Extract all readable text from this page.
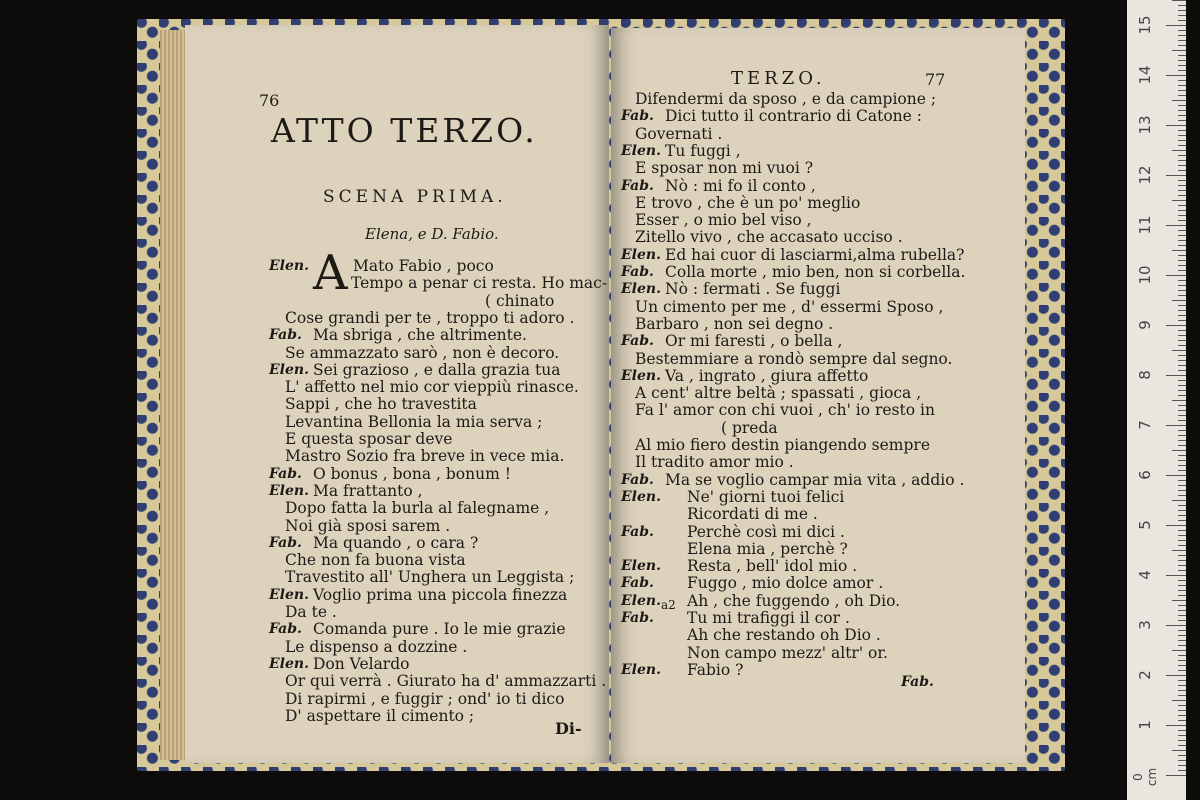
76
ATTO TERZO.
SCENA PRIMA.
Elena, e D. Fabio.
A
Elen.	Mato Fabio , poco
Tempo a penar ci resta. Ho mac-
( chinato
Cose grandi per te , troppo ti adoro .
Fab. Ma sbriga , che altrimente.
Se ammazzato sarò , non è decoro.
Elen. Sei grazioso , e dalla grazia tua
L' affetto nel mio cor vieppiù rinasce.
Sappi , che ho travestita
Levantina Bellonia la mia serva ;
E questa sposar deve
Mastro Sozio fra breve in vece mia.
Fab. O bonus , bona , bonum !
Elen. Ma frattanto ,
Dopo fatta la burla al falegname ,
Noi già sposi sarem .
Fab. Ma quando , o cara ?
Che non fa buona vista
Travestito all' Unghera un Leggista ;
Elen. Voglio prima una piccola finezza
Da te .
Fab. Comanda pure . Io le mie grazie
Le dispenso a dozzine .
Elen. Don Velardo
Or qui verrà . Giurato ha d' ammazzarti .
Di rapirmi , e fuggir ; ond' io ti dico
D' aspettare il cimento ;
Di-
TERZO.	77
Difendermi da sposo , e da campione ;
Fab. Dici tutto il contrario di Catone :
Governati .
Elen. Tu fuggi ,
E sposar non mi vuoi ?
Fab. Nò : mi fo il conto ,
E trovo , che è un po' meglio
Esser , o mio bel viso ,
Zitello vivo , che accasato ucciso .
Elen. Ed hai cuor di lasciarmi,alma rubella?
Fab. Colla morte , mio ben, non si corbella.
Elen. Nò : fermati . Se fuggi
Un cimento per me , d' essermi Sposo ,
Barbaro , non sei degno .
Fab. Or mi faresti , o bella ,
Bestemmiare a rondò sempre dal segno.
Elen. Va , ingrato , giura affetto
A cent' altre beltà ; spassati , gioca ,
Fa l' amor con chi vuoi , ch' io resto in
( preda
Al mio fiero destin piangendo sempre
Il tradito amor mio .
Fab. Ma se voglio campar mia vita , addio .
Elen. Ne' giorni tuoi felici
Ricordati di me .
Fab. Perchè così mi dici .
Elena mia , perchè ?
Elen. Resta , bell' idol mio .
Fab. Fuggo , mio dolce amor .
Elen. Ah , che fuggendo , oh Dio.
Fab. Tu mi trafiggi il cor .
Ah che restando oh Dio .
Non campo mezz' altr' or.
Elen. Fabio ?
a2
Fab.
1
2
3
4
5
6
7
8
9
10
11
12
13
14
15
0 cm
